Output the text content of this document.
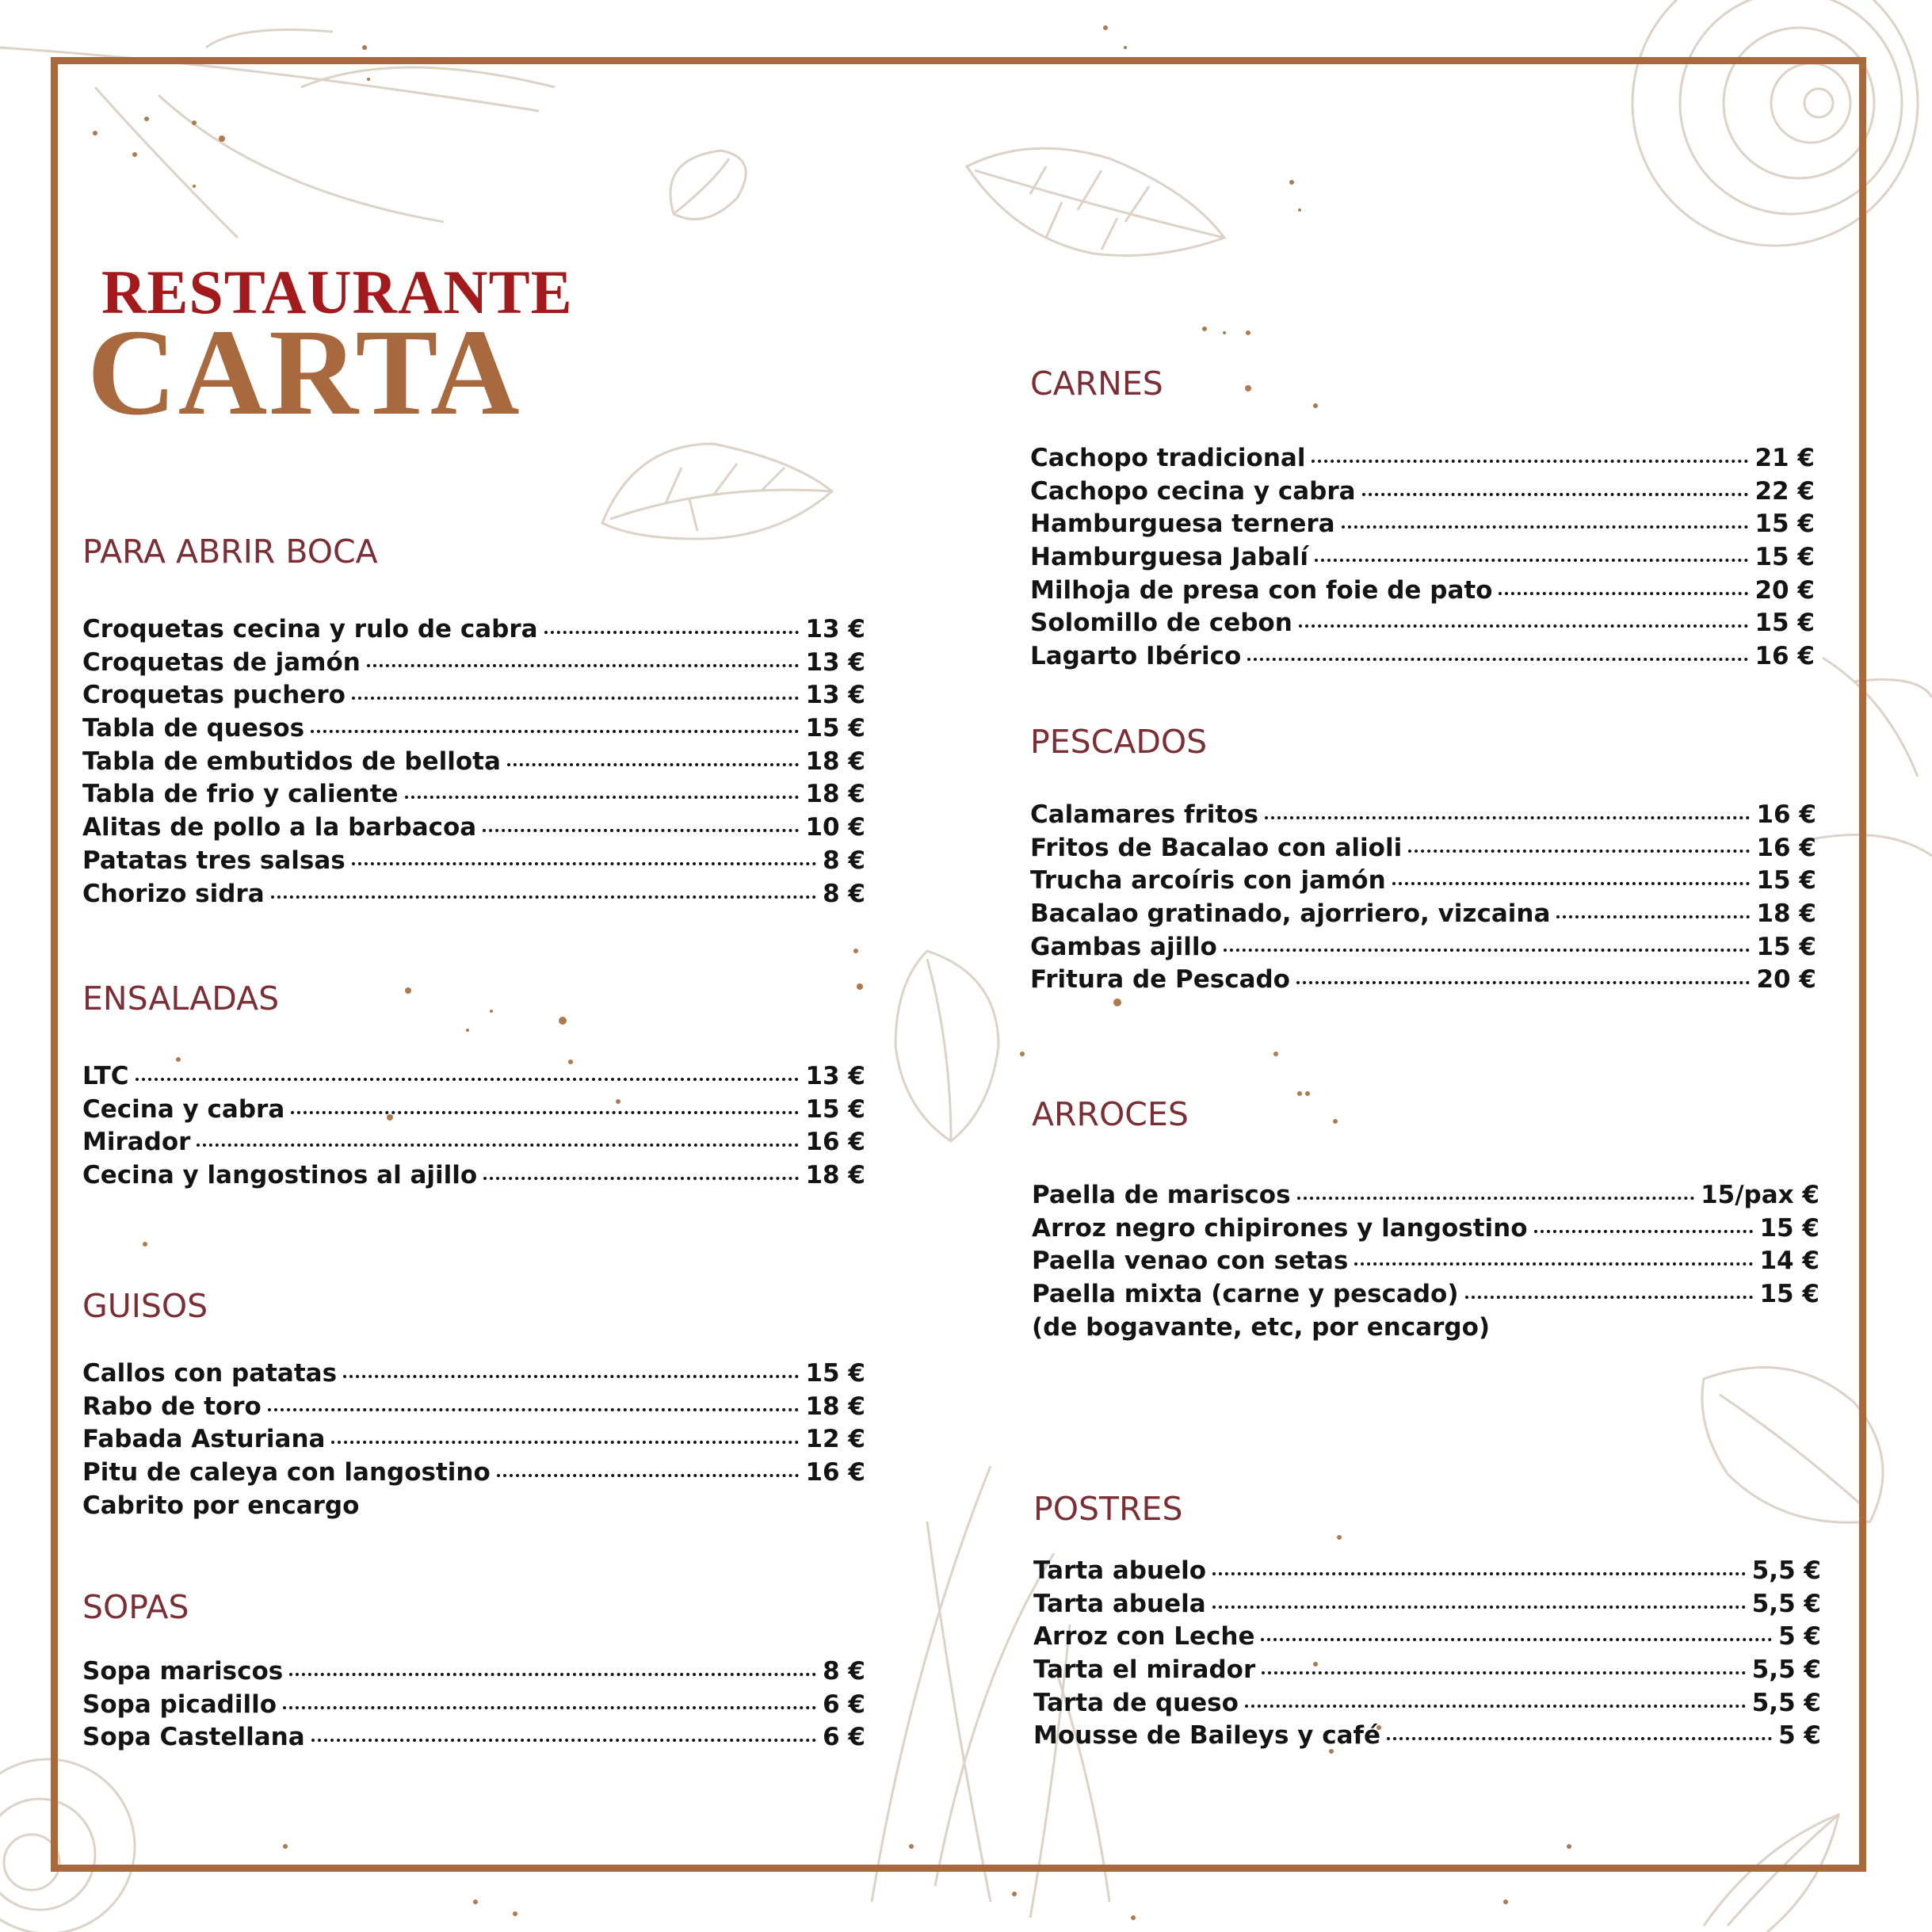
RESTAURANTE
CARTA
PARA ABRIR BOCA
Croquetas cecina y rulo de cabra	13 €
Croquetas de jamón	13 €
Croquetas puchero	13 €
Tabla de quesos	15 €
Tabla de embutidos de bellota	18 €
Tabla de frio y caliente	18 €
Alitas de pollo a la barbacoa	10 €
Patatas tres salsas	8 €
Chorizo sidra	8 €
ENSALADAS
LTC	13 €
Cecina y cabra	15 €
Mirador	16 €
Cecina y langostinos al ajillo	18 €
GUISOS
Callos con patatas	15 €
Rabo de toro	18 €
Fabada Asturiana	12 €
Pitu de caleya con langostino	16 €
Cabrito por encargo
SOPAS
Sopa mariscos	8 €
Sopa picadillo	6 €
Sopa Castellana	6 €
CARNES
Cachopo tradicional	21 €
Cachopo cecina y cabra	22 €
Hamburguesa ternera	15 €
Hamburguesa Jabalí	15 €
Milhoja de presa con foie de pato	20 €
Solomillo de cebon	15 €
Lagarto Ibérico	16 €
PESCADOS
Calamares fritos	16 €
Fritos de Bacalao con alioli	16 €
Trucha arcoíris con jamón	15 €
Bacalao gratinado, ajorriero, vizcaina	18 €
Gambas ajillo	15 €
Fritura de Pescado	20 €
ARROCES
Paella de mariscos	15/pax €
Arroz negro chipirones y langostino	15 €
Paella venao con setas	14 €
Paella mixta (carne y pescado)	15 €
(de bogavante, etc, por encargo)
POSTRES
Tarta abuelo	5,5 €
Tarta abuela	5,5 €
Arroz con Leche	5 €
Tarta el mirador	5,5 €
Tarta de queso	5,5 €
Mousse de Baileys y café	5 €
